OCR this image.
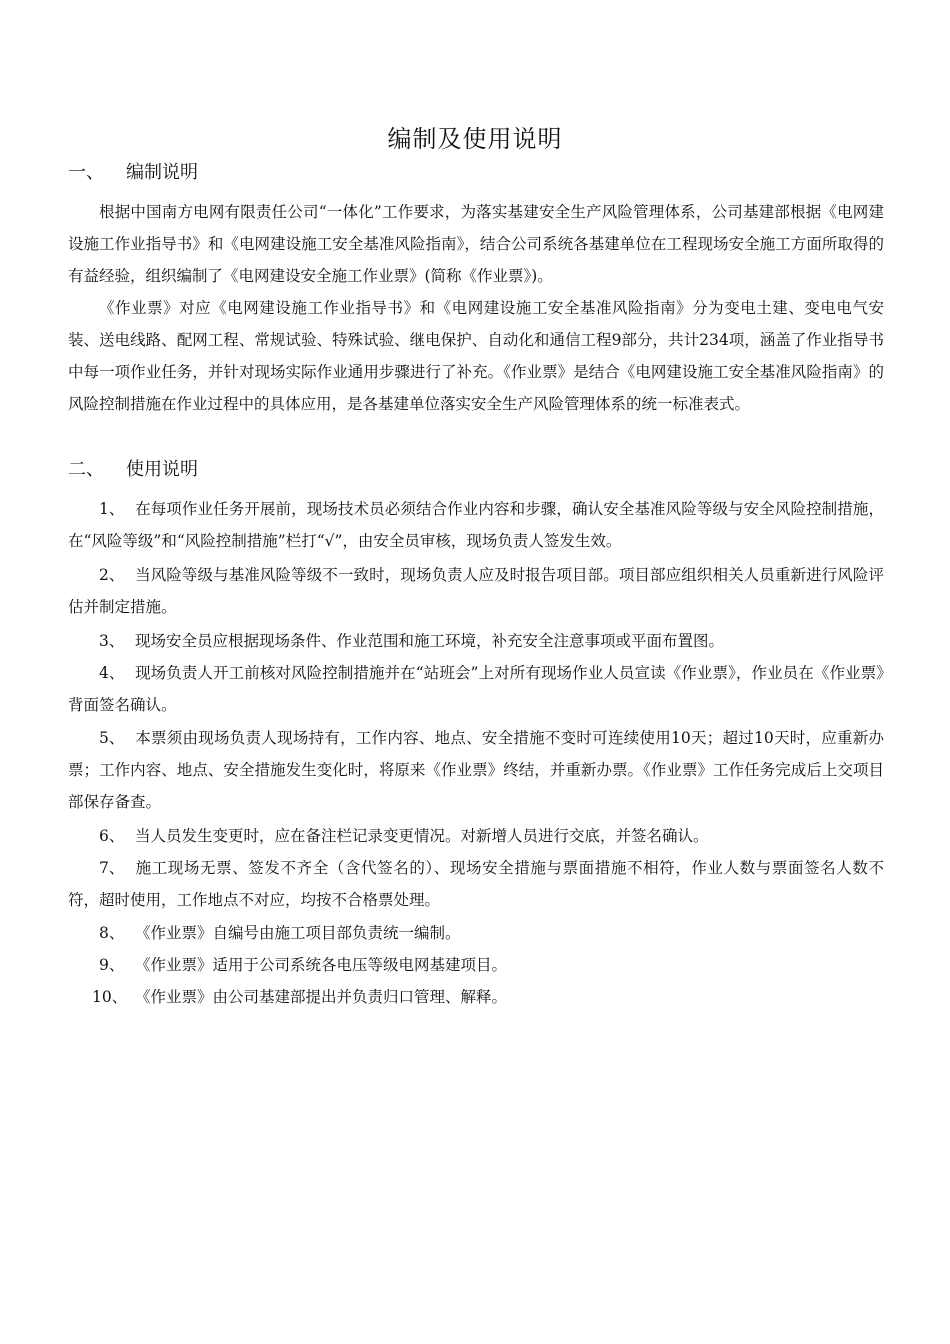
编制及使用说明
一、 编制说明
根据中国南方电网有限责任公司“一体化”工作要求，为落实基建安全生产风险管理体系，公司基建部根据《电网建设施工作业指导书》和《电网建设施工安全基准风险指南》，结合公司系统各基建单位在工程现场安全施工方面所取得的有益经验，组织编制了《电网建设安全施工作业票》(简称《作业票》)。
《作业票》对应《电网建设施工作业指导书》和《电网建设施工安全基准风险指南》分为变电土建、变电电气安装、送电线路、配网工程、常规试验、特殊试验、继电保护、自动化和通信工程9部分，共计234项，涵盖了作业指导书中每一项作业任务，并针对现场实际作业通用步骤进行了补充。《作业票》是结合《电网建设施工安全基准风险指南》的风险控制措施在作业过程中的具体应用，是各基建单位落实安全生产风险管理体系的统一标准表式。
二、 使用说明
1、 在每项作业任务开展前，现场技术员必须结合作业内容和步骤，确认安全基准风险等级与安全风险控制措施，在“风险等级”和“风险控制措施”栏打“√”，由安全员审核，现场负责人签发生效。
2、 当风险等级与基准风险等级不一致时，现场负责人应及时报告项目部。项目部应组织相关人员重新进行风险评估并制定措施。
3、 现场安全员应根据现场条件、作业范围和施工环境，补充安全注意事项或平面布置图。
4、 现场负责人开工前核对风险控制措施并在“站班会”上对所有现场作业人员宣读《作业票》，作业员在《作业票》背面签名确认。
5、 本票须由现场负责人现场持有，工作内容、地点、安全措施不变时可连续使用10天；超过10天时，应重新办票；工作内容、地点、安全措施发生变化时，将原来《作业票》终结，并重新办票。《作业票》工作任务完成后上交项目部保存备查。
6、 当人员发生变更时，应在备注栏记录变更情况。对新增人员进行交底，并签名确认。
7、 施工现场无票、签发不齐全（含代签名的）、现场安全措施与票面措施不相符，作业人数与票面签名人数不符，超时使用，工作地点不对应，均按不合格票处理。
8、 《作业票》自编号由施工项目部负责统一编制。
9、 《作业票》适用于公司系统各电压等级电网基建项目。
10、 《作业票》由公司基建部提出并负责归口管理、解释。
